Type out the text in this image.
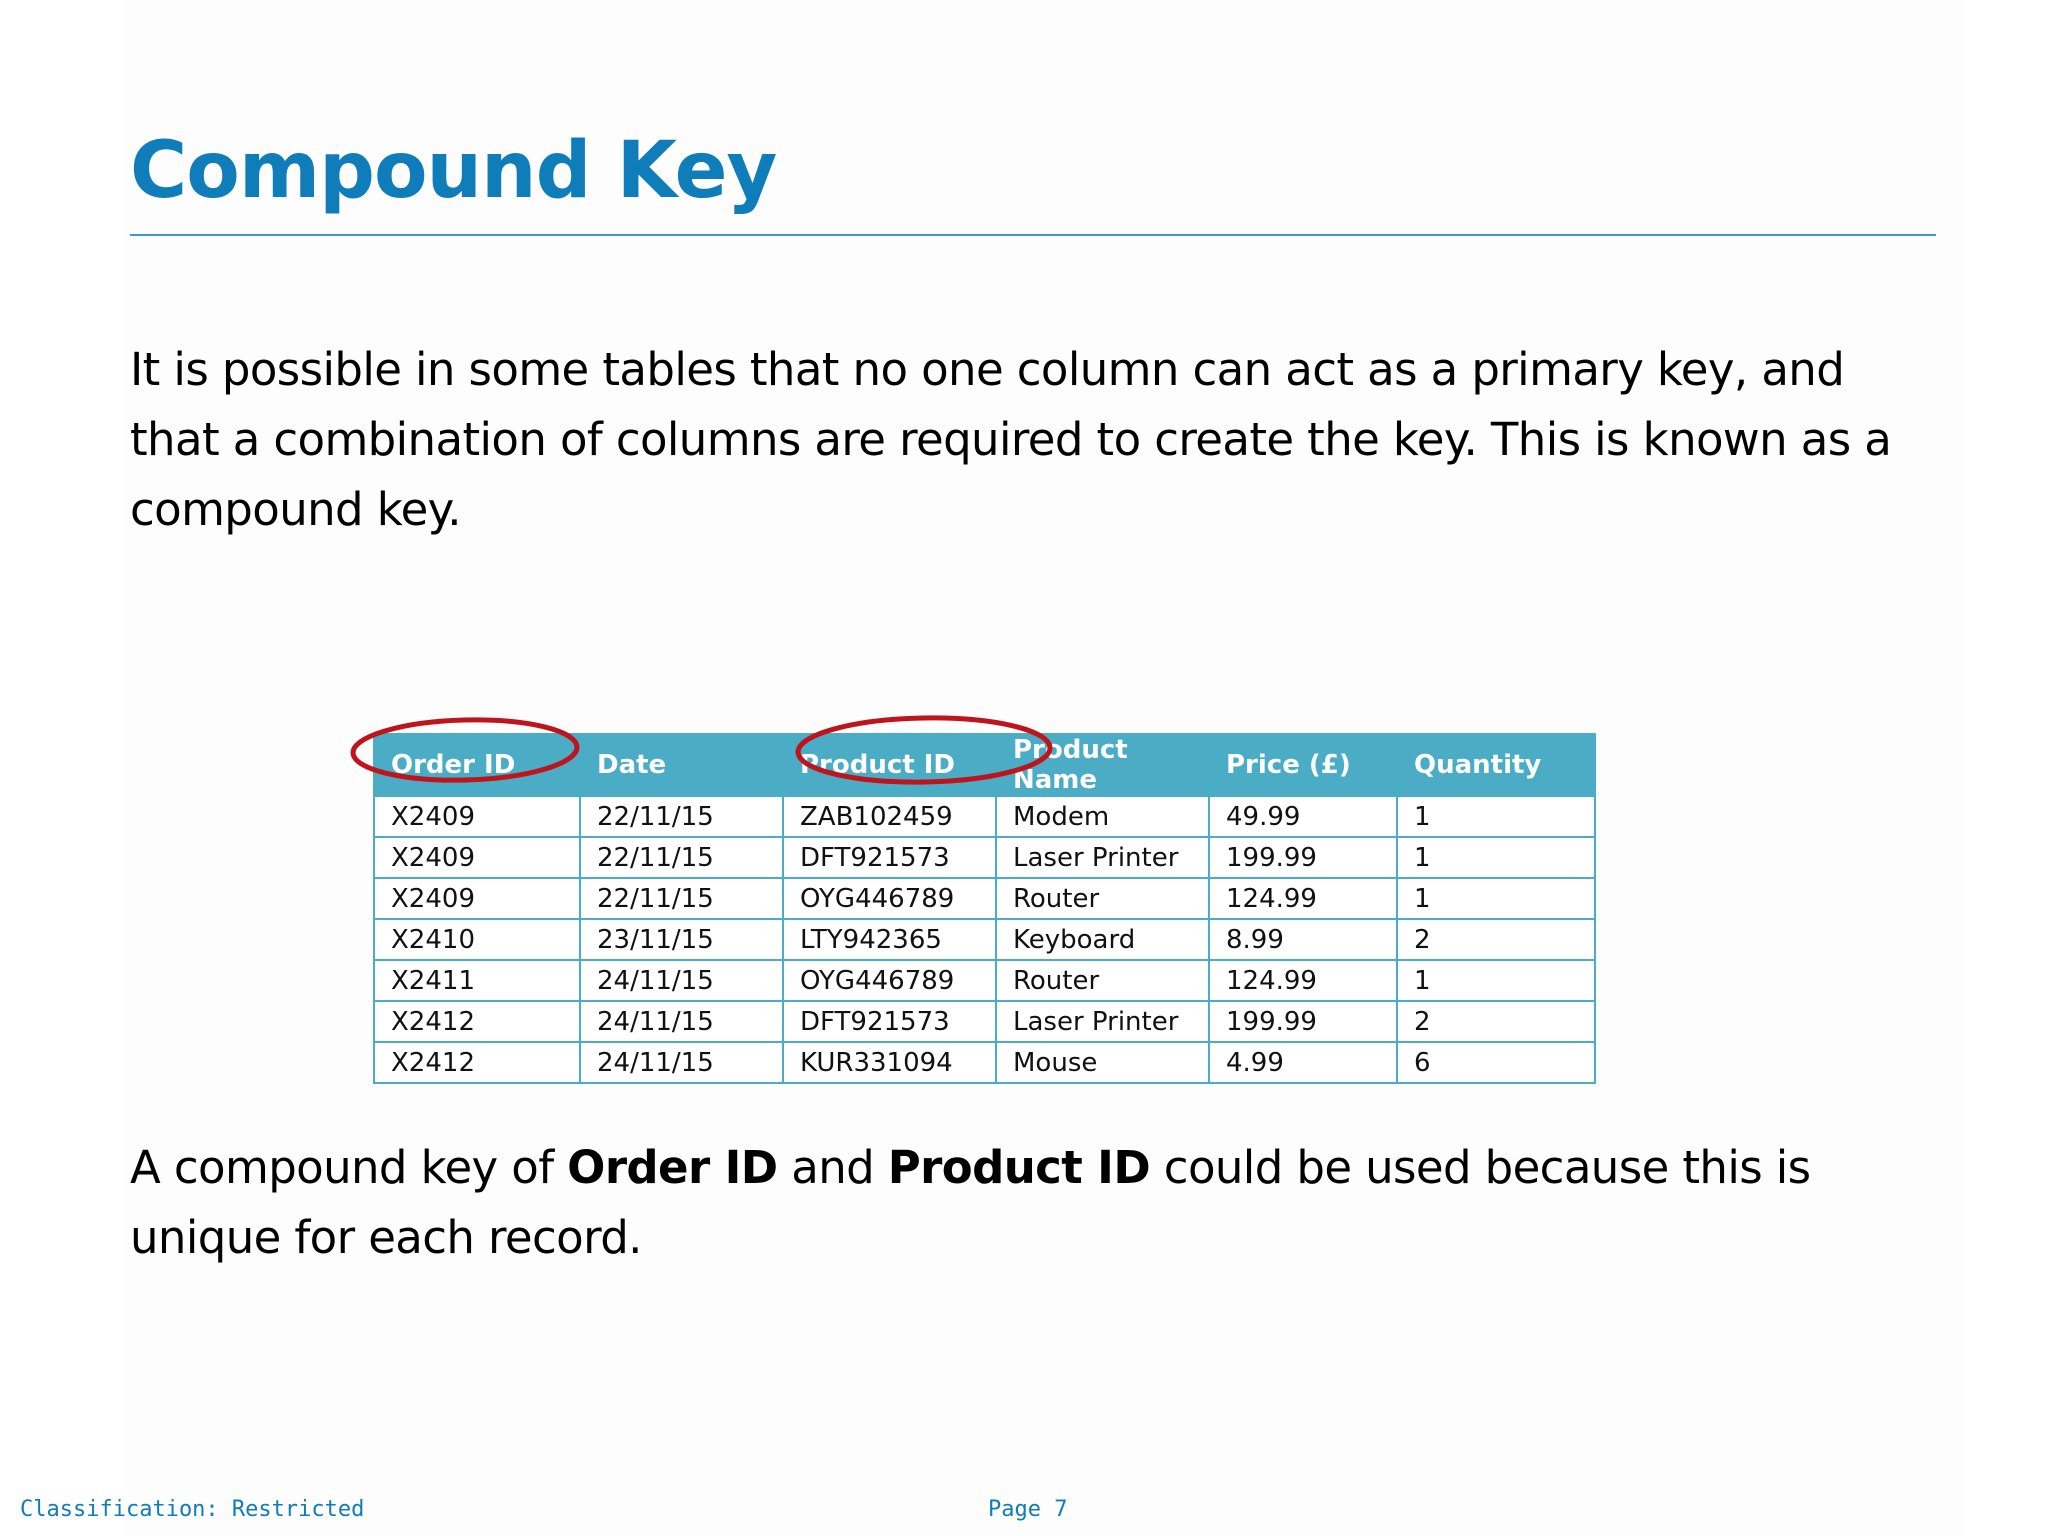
Compound Key

It is possible in some tables that no one column can act as a primary key, and that a combination of columns are required to create the key. This is known as a compound key.

Order ID	Date	Product ID	Product Name	Price (£)	Quantity
X2409	22/11/15	ZAB102459	Modem	49.99	1
X2409	22/11/15	DFT921573	Laser Printer	199.99	1
X2409	22/11/15	OYG446789	Router	124.99	1
X2410	23/11/15	LTY942365	Keyboard	8.99	2
X2411	24/11/15	OYG446789	Router	124.99	1
X2412	24/11/15	DFT921573	Laser Printer	199.99	2
X2412	24/11/15	KUR331094	Mouse	4.99	6

A compound key of Order ID and Product ID could be used because this is unique for each record.

Classification: Restricted	Page 7
